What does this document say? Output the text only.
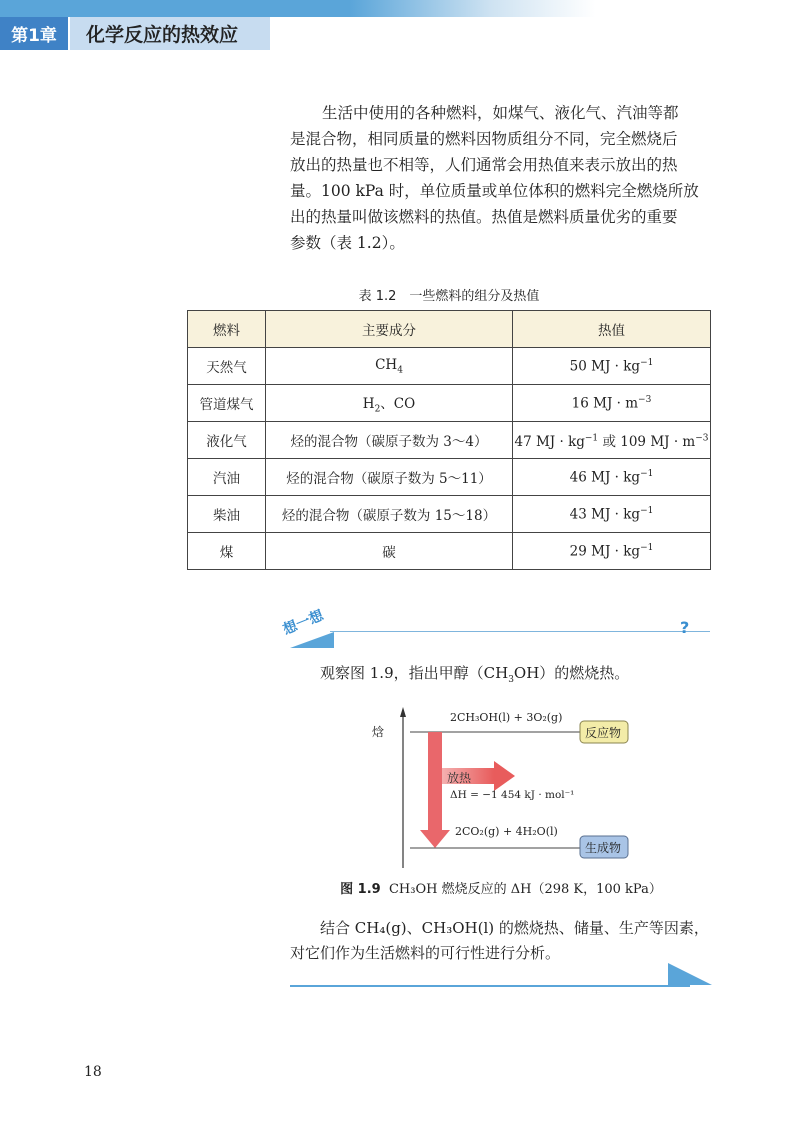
第1章	化学反应的热效应
生活中使用的各种燃料，如煤气、液化气、汽油等都
是混合物，相同质量的燃料因物质组分不同，完全燃烧后
放出的热量也不相等，人们通常会用热值来表示放出的热
量。100 kPa 时，单位质量或单位体积的燃料完全燃烧所放
出的热量叫做该燃料的热值。热值是燃料质量优劣的重要
参数（表 1.2）。
表 1.2　一些燃料的组分及热值
燃料	主要成分	热值
天然气	$CH_4$	50 MJ · $kg^{-1}$
管道煤气	$H_2$、CO	16 MJ · $m^{-3}$
液化气	烃的混合物（碳原子数为 3～4）	47 MJ · $kg^{-1}$ 或 109 MJ · $m^{-3}$
汽油	烃的混合物（碳原子数为 5～11）	46 MJ · $kg^{-1}$
柴油	烃的混合物（碳原子数为 15～18）	43 MJ · $kg^{-1}$
煤	碳	29 MJ · $kg^{-1}$
想一想	?
观察图 1.9，指出甲醇$(CH_3OH)$的燃烧热。
焓
2CH₃OH(l) + 3O₂(g)
反应物
放热
ΔH = −1 454 kJ · mol⁻¹
2CO₂(g) + 4H₂O(l)
生成物
图 1.9 CH₃OH 燃烧反应的 ΔH（298 K，100 kPa）
结合 CH₄(g)、CH₃OH(l) 的燃烧热、储量、生产等因素，
对它们作为生活燃料的可行性进行分析。
18
